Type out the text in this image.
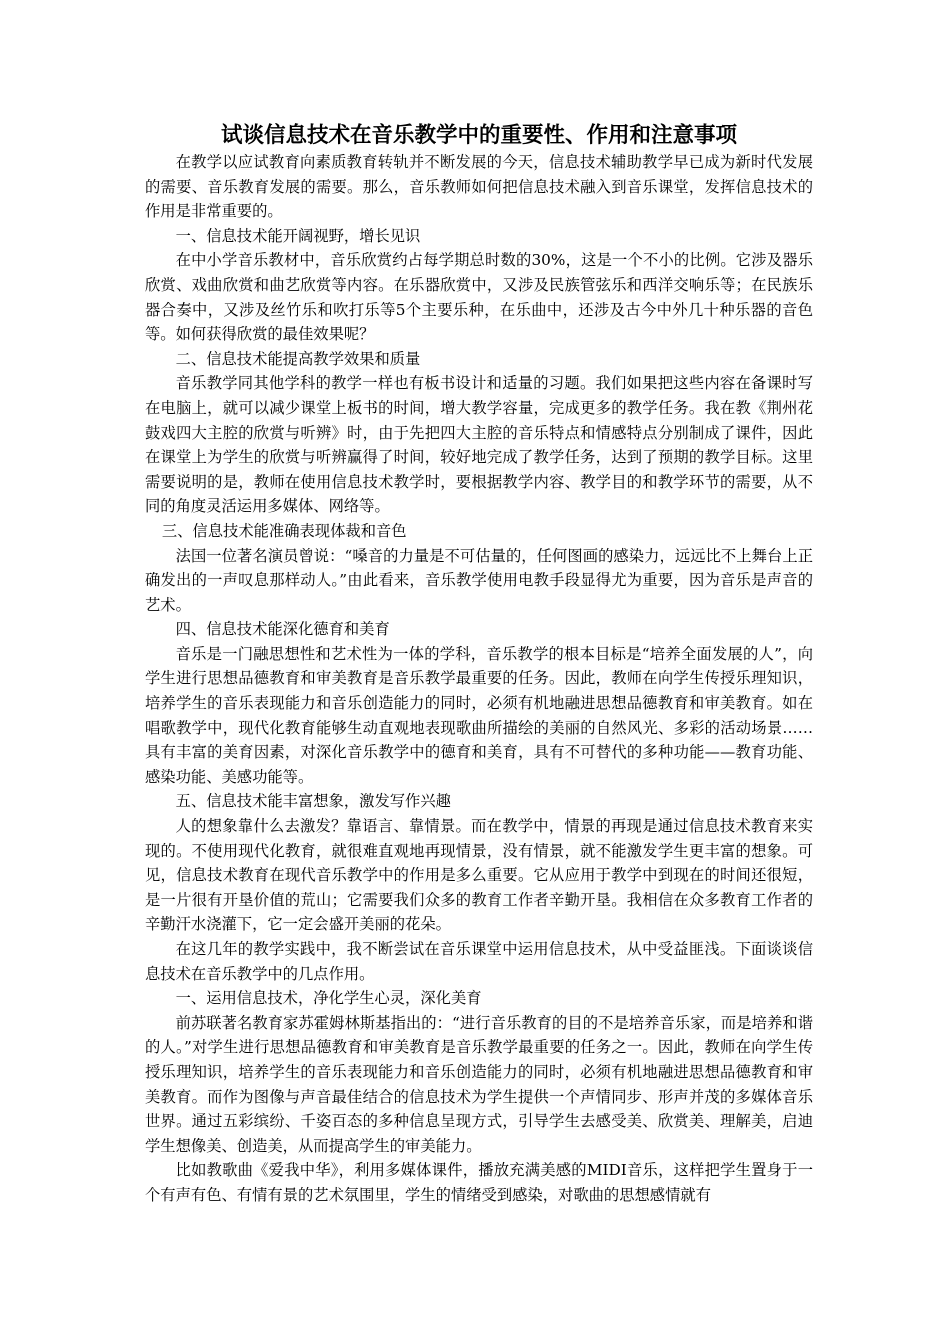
试谈信息技术在音乐教学中的重要性、作用和注意事项

在教学以应试教育向素质教育转轨并不断发展的今天，信息技术辅助教学早已成为新时代发展的需要、音乐教育发展的需要。那么，音乐教师如何把信息技术融入到音乐课堂，发挥信息技术的作用是非常重要的。

一、信息技术能开阔视野，增长见识

在中小学音乐教材中，音乐欣赏约占每学期总时数的30%，这是一个不小的比例。它涉及器乐欣赏、戏曲欣赏和曲艺欣赏等内容。在乐器欣赏中，又涉及民族管弦乐和西洋交响乐等；在民族乐器合奏中，又涉及丝竹乐和吹打乐等5个主要乐种，在乐曲中，还涉及古今中外几十种乐器的音色等。如何获得欣赏的最佳效果呢？

二、信息技术能提高教学效果和质量

音乐教学同其他学科的教学一样也有板书设计和适量的习题。我们如果把这些内容在备课时写在电脑上，就可以减少课堂上板书的时间，增大教学容量，完成更多的教学任务。我在教《荆州花鼓戏四大主腔的欣赏与听辨》时，由于先把四大主腔的音乐特点和情感特点分别制成了课件，因此在课堂上为学生的欣赏与听辨赢得了时间，较好地完成了教学任务，达到了预期的教学目标。这里需要说明的是，教师在使用信息技术教学时，要根据教学内容、教学目的和教学环节的需要，从不同的角度灵活运用多媒体、网络等。

三、信息技术能准确表现体裁和音色

法国一位著名演员曾说：“嗓音的力量是不可估量的，任何图画的感染力，远远比不上舞台上正确发出的一声叹息那样动人。”由此看来，音乐教学使用电教手段显得尤为重要，因为音乐是声音的艺术。

四、信息技术能深化德育和美育

音乐是一门融思想性和艺术性为一体的学科，音乐教学的根本目标是“培养全面发展的人”，向学生进行思想品德教育和审美教育是音乐教学最重要的任务。因此，教师在向学生传授乐理知识，培养学生的音乐表现能力和音乐创造能力的同时，必须有机地融进思想品德教育和审美教育。如在唱歌教学中，现代化教育能够生动直观地表现歌曲所描绘的美丽的自然风光、多彩的活动场景……具有丰富的美育因素，对深化音乐教学中的德育和美育，具有不可替代的多种功能——教育功能、感染功能、美感功能等。

五、信息技术能丰富想象，激发写作兴趣

人的想象靠什么去激发？靠语言、靠情景。而在教学中，情景的再现是通过信息技术教育来实现的。不使用现代化教育，就很难直观地再现情景，没有情景，就不能激发学生更丰富的想象。可见，信息技术教育在现代音乐教学中的作用是多么重要。它从应用于教学中到现在的时间还很短，是一片很有开垦价值的荒山；它需要我们众多的教育工作者辛勤开垦。我相信在众多教育工作者的辛勤汗水浇灌下，它一定会盛开美丽的花朵。

在这几年的教学实践中，我不断尝试在音乐课堂中运用信息技术，从中受益匪浅。下面谈谈信息技术在音乐教学中的几点作用。

一、运用信息技术，净化学生心灵，深化美育

前苏联著名教育家苏霍姆林斯基指出的：“进行音乐教育的目的不是培养音乐家，而是培养和谐的人。”对学生进行思想品德教育和审美教育是音乐教学最重要的任务之一。因此，教师在向学生传授乐理知识，培养学生的音乐表现能力和音乐创造能力的同时，必须有机地融进思想品德教育和审美教育。而作为图像与声音最佳结合的信息技术为学生提供一个声情同步、形声并茂的多媒体音乐世界。通过五彩缤纷、千姿百态的多种信息呈现方式，引导学生去感受美、欣赏美、理解美，启迪学生想像美、创造美，从而提高学生的审美能力。

比如教歌曲《爱我中华》，利用多媒体课件，播放充满美感的MIDI音乐，这样把学生置身于一个有声有色、有情有景的艺术氛围里，学生的情绪受到感染，对歌曲的思想感情就有
